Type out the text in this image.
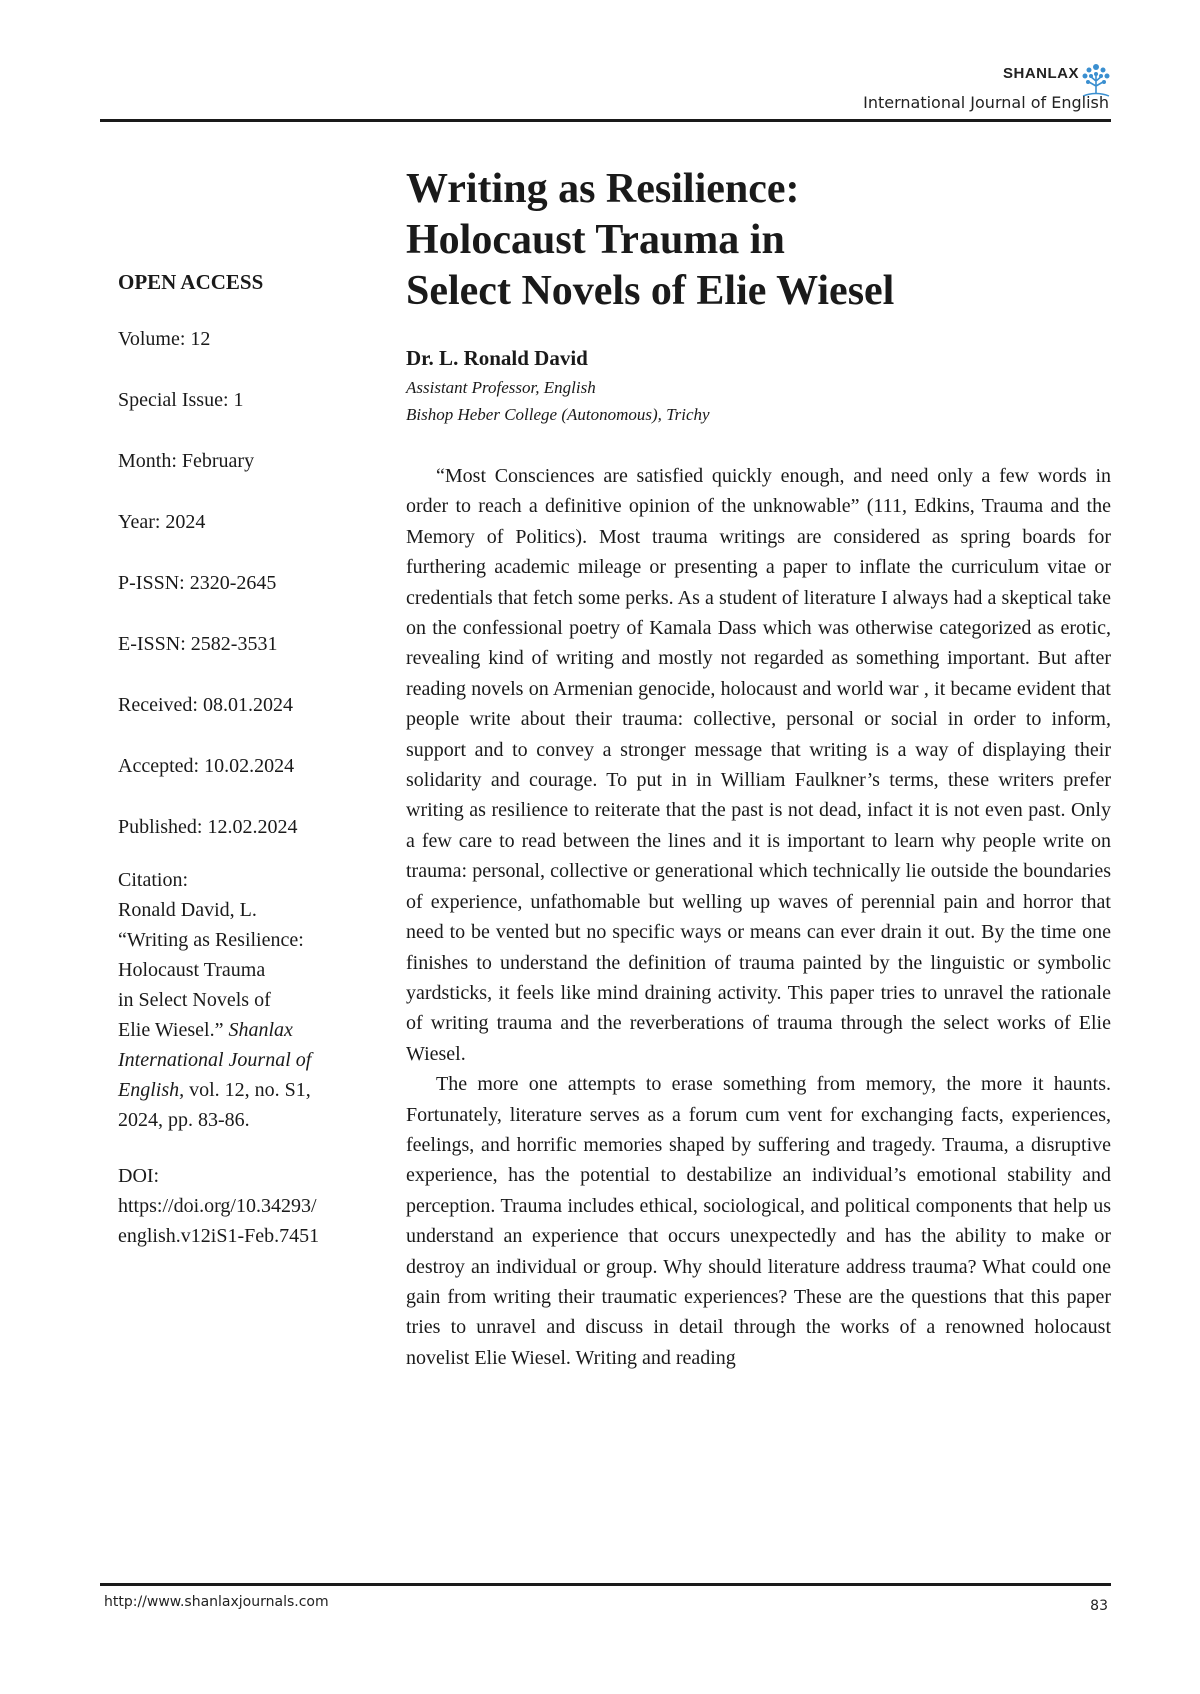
SHANLAX
International Journal of English
Writing as Resilience:
Holocaust Trauma in
Select Novels of Elie Wiesel
Dr. L. Ronald David
Assistant Professor, English
Bishop Heber College (Autonomous), Trichy
OPEN ACCESS
Volume: 12
Special Issue: 1
Month: February
Year: 2024
P-ISSN: 2320-2645
E-ISSN: 2582-3531
Received: 08.01.2024
Accepted: 10.02.2024
Published: 12.02.2024
Citation:
Ronald David, L.
“Writing as Resilience:
Holocaust Trauma
in Select Novels of
Elie Wiesel.” Shanlax
International Journal of
English, vol. 12, no. S1,
2024, pp. 83-86.
DOI:
https://doi.org/10.34293/
english.v12iS1-Feb.7451

“Most Consciences are satisfied quickly enough, and need only a few words in order to reach a definitive opinion of the unknowable” (111, Edkins, Trauma and the Memory of Politics). Most trauma writings are considered as spring boards for furthering academic mileage or presenting a paper to inflate the curriculum vitae or credentials that fetch some perks. As a student of literature I always had a skeptical take on the confessional poetry of Kamala Dass which was otherwise categorized as erotic, revealing kind of writing and mostly not regarded as something important. But after reading novels on Armenian genocide, holocaust and world war , it became evident that people write about their trauma: collective, personal or social in order to inform, support and to convey a stronger message that writing is a way of displaying their solidarity and courage. To put in in William Faulkner’s terms, these writers prefer writing as resilience to reiterate that the past is not dead, infact it is not even past. Only a few care to read between the lines and it is important to learn why people write on trauma: personal, collective or generational which technically lie outside the boundaries of experience, unfathomable but welling up waves of perennial pain and horror that need to be vented but no specific ways or means can ever drain it out. By the time one finishes to understand the definition of trauma painted by the linguistic or symbolic yardsticks, it feels like mind draining activity. This paper tries to unravel the rationale of writing trauma and the reverberations of trauma through the select works of Elie Wiesel.

The more one attempts to erase something from memory, the more it haunts. Fortunately, literature serves as a forum cum vent for exchanging facts, experiences, feelings, and horrific memories shaped by suffering and tragedy. Trauma, a disruptive experience, has the potential to destabilize an individual’s emotional stability and perception. Trauma includes ethical, sociological, and political components that help us understand an experience that occurs unexpectedly and has the ability to make or destroy an individual or group. Why should literature address trauma? What could one gain from writing their traumatic experiences? These are the questions that this paper tries to unravel and discuss in detail through the works of a renowned holocaust novelist Elie Wiesel. Writing and reading

http://www.shanlaxjournals.com	83
